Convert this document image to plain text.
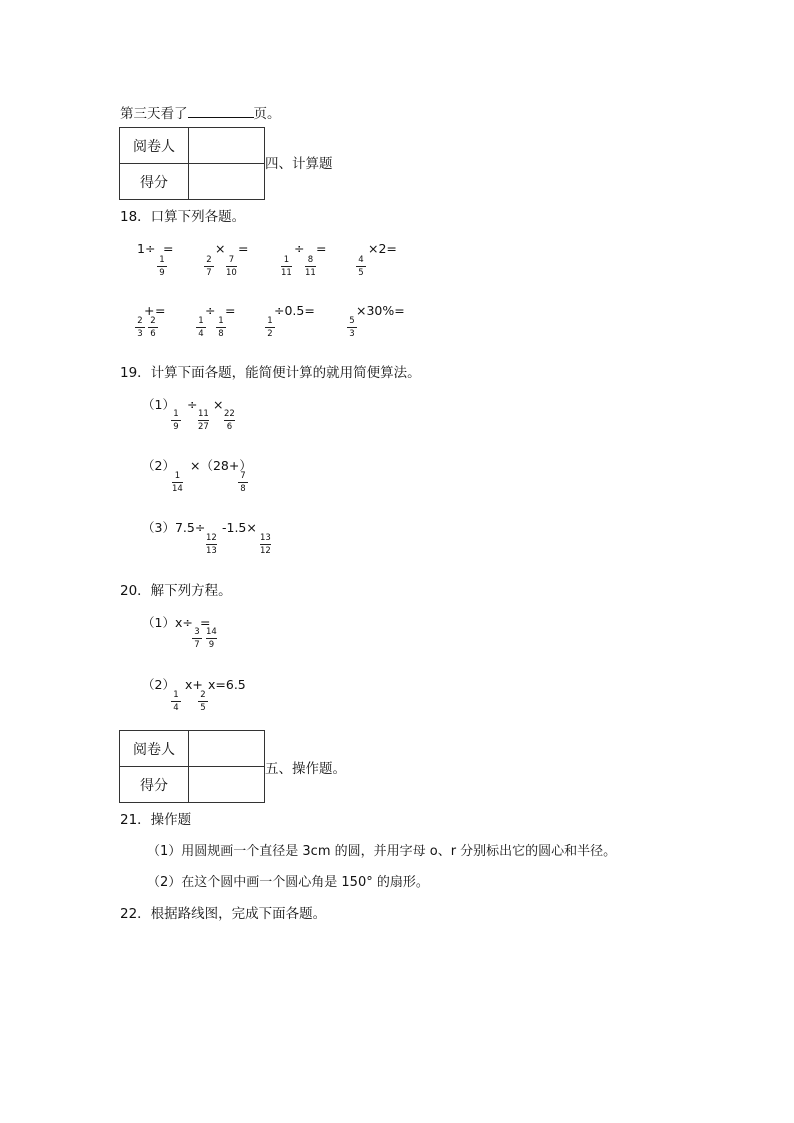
第三天看了	页。
阅卷人	
得分	
四、计算题
18．口算下列各题。
1÷ =
1
9
× =
2
7
7
10
÷ =
1
11
8
11
×2=
4
5
+ =
2
3
2
6
÷ =
1
4
1
8
÷0.5=
1
2
×30%=
5
3
19．计算下面各题，能简便计算的就用简便算法。
（1） ÷ ×
1
9
11
27
22
6
（2） ×（28+）
1
14
7
8
（3）7.5÷ -1.5×
12
13
13
12
20．解下列方程。
（1）x÷ =
3
7
14
9
（2） x+ x=6.5
1
4
2
5
阅卷人	
得分	
五、操作题。
21．操作题
（1）用圆规画一个直径是 3cm 的圆，并用字母 o、r 分别标出它的圆心和半径。
（2）在这个圆中画一个圆心角是 150° 的扇形。
22．根据路线图，完成下面各题。
